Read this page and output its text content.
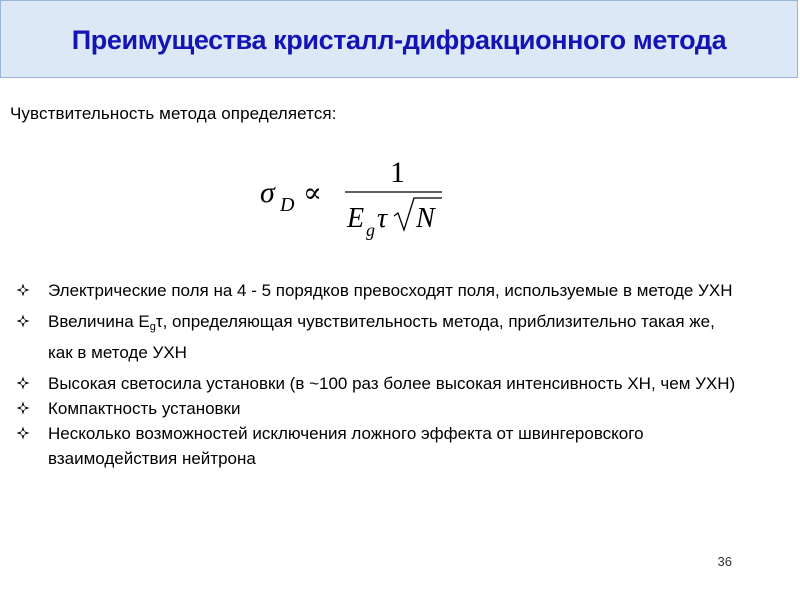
Преимущества кристалл-дифракционного метода
Чувствительность метода определяется:
σ D ∝
1
E g τ N
Электрические поля на 4 - 5 порядков превосходят поля, используемые в методе УХН
Ввеличина $E_g\tau$, определяющая чувствительность метода, приблизительно такая же, как в методе УХН
Высокая светосила установки (в ~100 раз более высокая интенсивность ХН, чем УХН)
Компактность установки
Несколько возможностей исключения ложного эффекта от швингеровского взаимодействия нейтрона
36
